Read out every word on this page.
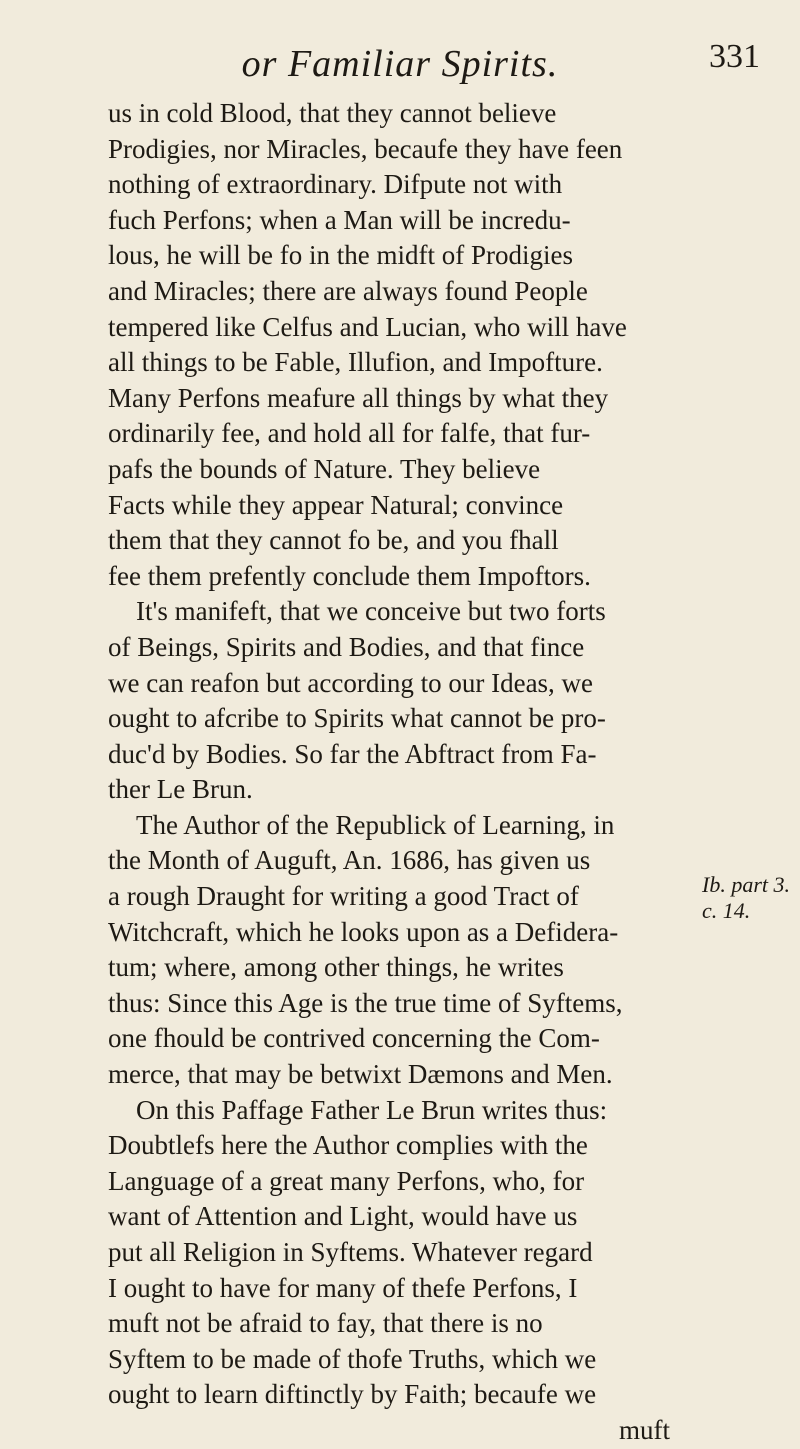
or Familiar Spirits.	331
us in cold Blood, that they cannot believe
Prodigies, nor Miracles, becaufe they have feen
nothing of extraordinary. Difpute not with
fuch Perfons; when a Man will be incredu-
lous, he will be fo in the midft of Prodigies
and Miracles; there are always found People
tempered like Celfus and Lucian, who will have
all things to be Fable, Illufion, and Impofture.
Many Perfons meafure all things by what they
ordinarily fee, and hold all for falfe, that fur-
pafs the bounds of Nature. They believe
Facts while they appear Natural; convince
them that they cannot fo be, and you fhall
fee them prefently conclude them Impoftors.
It's manifeft, that we conceive but two forts
of Beings, Spirits and Bodies, and that fince
we can reafon but according to our Ideas, we
ought to afcribe to Spirits what cannot be pro-
duc'd by Bodies. So far the Abftract from Fa-
ther Le Brun.
The Author of the Republick of Learning, in
the Month of Auguft, An. 1686, has given us
a rough Draught for writing a good Tract of
Witchcraft, which he looks upon as a Defidera-
tum; where, among other things, he writes
thus: Since this Age is the true time of Syftems,
one fhould be contrived concerning the Com-
merce, that may be betwixt Dæmons and Men.
On this Paffage Father Le Brun writes thus:
Doubtlefs here the Author complies with the
Language of a great many Perfons, who, for
want of Attention and Light, would have us
put all Religion in Syftems. Whatever regard
I ought to have for many of thefe Perfons, I
muft not be afraid to fay, that there is no
Syftem to be made of thofe Truths, which we
ought to learn diftinctly by Faith; becaufe we
muft
Ib. part 3.
c. 14.
